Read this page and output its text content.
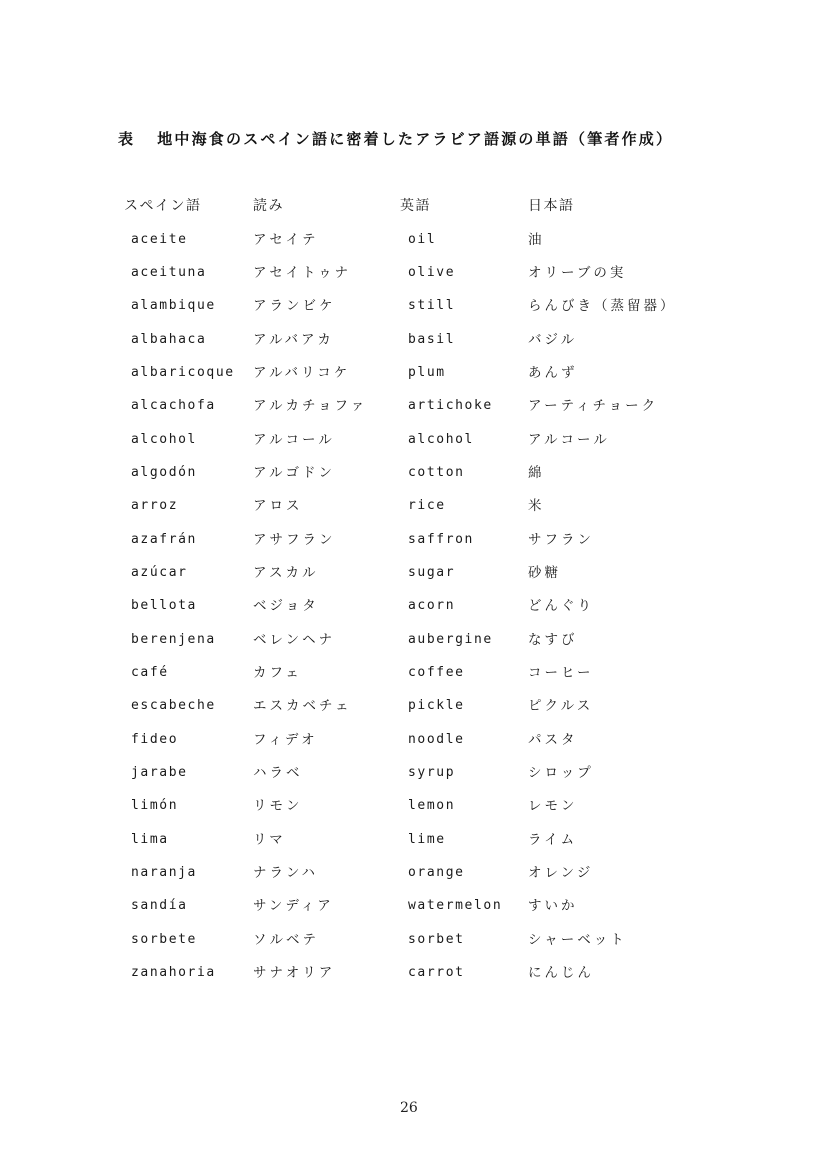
表 地中海食のスペイン語に密着したアラビア語源の単語（筆者作成）
スペイン語	読み	英語	日本語
aceite	アセイテ	oil	油
aceituna	アセイトゥナ	olive	オリーブの実
alambique	アランビケ	still	らんびき（蒸留器）
albahaca	アルバアカ	basil	バジル
albaricoque アルバリコケ	plum	あんず
alcachofa	アルカチョファ	artichoke	アーティチョーク
alcohol	アルコール	alcohol	アルコール
algodón	アルゴドン	cotton	綿
arroz	アロス	rice	米
azafrán	アサフラン	saffron	サフラン
azúcar	アスカル	sugar	砂糖
bellota	ベジョタ	acorn	どんぐり
berenjena	ベレンヘナ	aubergine	なすび
café	カフェ	coffee	コーヒー
escabeche	エスカベチェ	pickle	ピクルス
fideo	フィデオ	noodle	パスタ
jarabe	ハラベ	syrup	シロップ
limón	リモン	lemon	レモン
lima	リマ	lime	ライム
naranja	ナランハ	orange	オレンジ
sandía	サンディア	watermelon すいか
sorbete	ソルベテ	sorbet	シャーベット
zanahoria	サナオリア	carrot	にんじん
26
